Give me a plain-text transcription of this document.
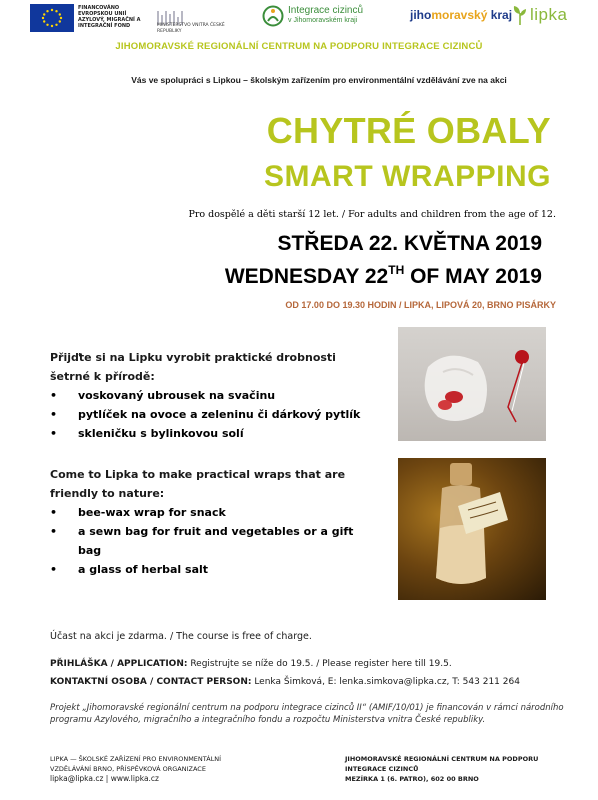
FINANCOVÁNO EVROPSKOU UNIÍ AZYLOVÝ, MIGRAČNÍ A INTEGRAČNÍ FOND	MINISTERSTVO VNITRA ČESKÉ REPUBLIKY
Integrace cizinců
v Jihomoravském kraji	jihomoravský kraj lipka
JIHOMORAVSKÉ REGIONÁLNÍ CENTRUM NA PODPORU INTEGRACE CIZINCŮ
Vás ve spolupráci s Lipkou – školským zařízením pro environmentální vzdělávání zve na akci
CHYTRÉ OBALY
SMART WRAPPING
Pro dospělé a děti starší 12 let. / For adults and children from the age of 12.
STŘEDA 22. KVĚTNA 2019
WEDNESDAY 22TH OF MAY 2019
OD 17.00 DO 19.30 HODIN / LIPKA, LIPOVÁ 20, BRNO PISÁRKY
Přijďte si na Lipku vyrobit praktické drobnosti šetrné k přírodě:
• voskovaný ubrousek na svačinu
• pytlíček na ovoce a zeleninu či dárkový pytlík
• skleničku s bylinkovou solí
Come to Lipka to make practical wraps that are friendly to nature:
• bee-wax wrap for snack
• a sewn bag for fruit and vegetables or a gift bag
• a glass of herbal salt
Účast na akci je zdarma. / The course is free of charge.
PŘIHLÁŠKA / APPLICATION: Registrujte se níže do 19.5. / Please register here till 19.5.
KONTAKTNÍ OSOBA / CONTACT PERSON: Lenka Šimková, E: lenka.simkova@lipka.cz, T: 543 211 264
Projekt „Jihomoravské regionální centrum na podporu integrace cizinců II“ (AMIF/10/01) je financován v rámci národního programu Azylového, migračního a integračního fondu a rozpočtu Ministerstva vnitra České republiky.
LIPKA — ŠKOLSKÉ ZAŘÍZENÍ PRO ENVIRONMENTÁLNÍ
VZDĚLÁVÁNÍ BRNO, PŘÍSPĚVKOVÁ ORGANIZACE
lipka@lipka.cz | www.lipka.cz
JIHOMORAVSKÉ REGIONÁLNÍ CENTRUM NA PODPORU
INTEGRACE CIZINCŮ
MEZÍRKA 1 (6. PATRO), 602 00 BRNO
